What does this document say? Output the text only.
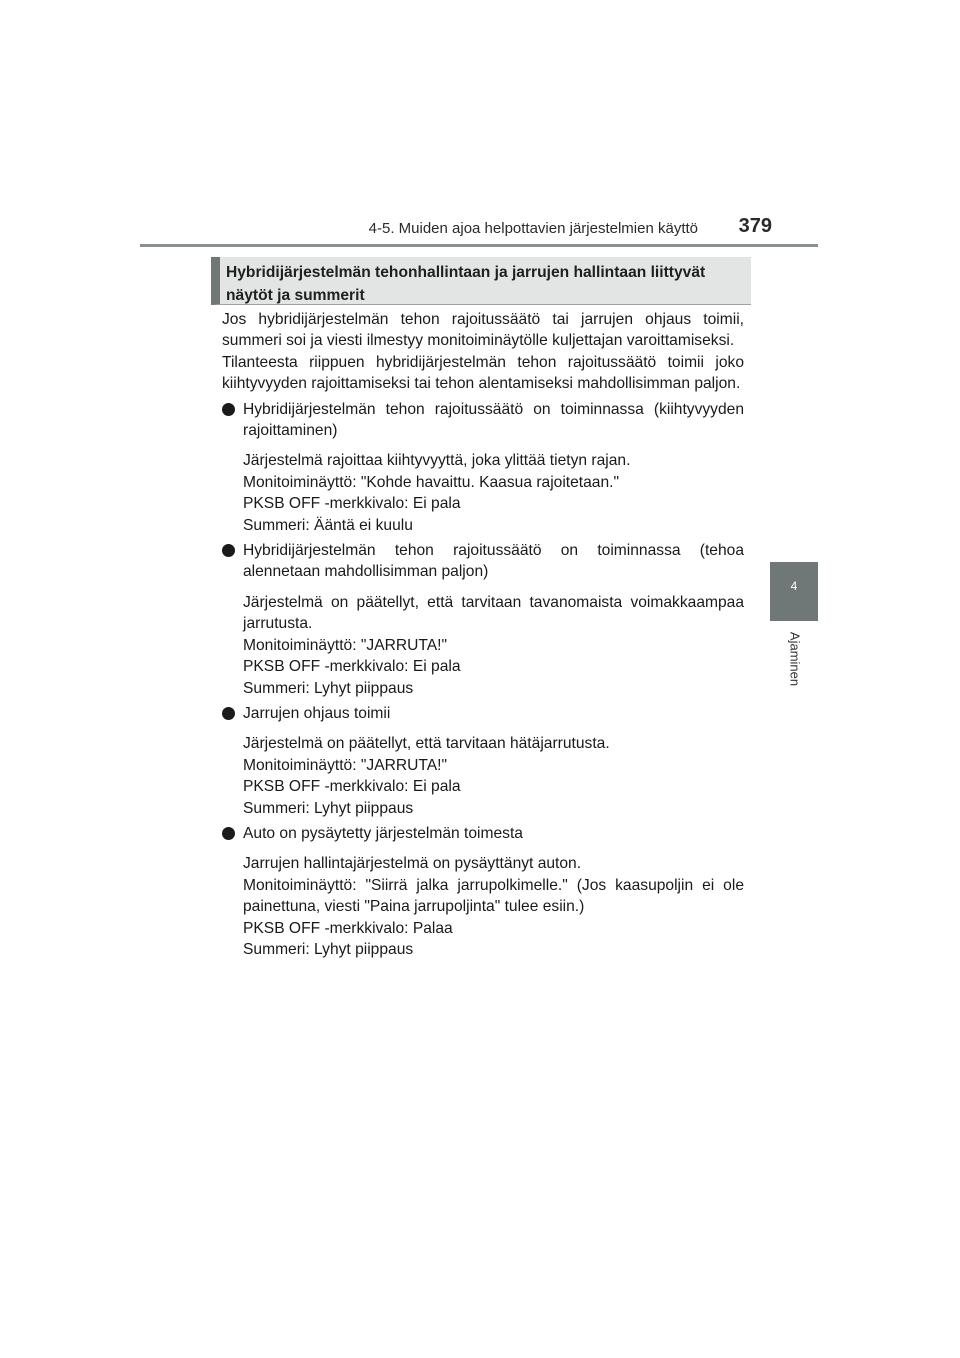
4-5. Muiden ajoa helpottavien järjestelmien käyttö 379
4
Ajaminen
Hybridijärjestelmän tehonhallintaan ja jarrujen hallintaan liittyvät näytöt ja summerit

Jos hybridijärjestelmän tehon rajoitussäätö tai jarrujen ohjaus toimii, summeri soi ja viesti ilmestyy monitoiminäytölle kuljettajan varoittamiseksi.

Tilanteesta riippuen hybridijärjestelmän tehon rajoitussäätö toimii joko kiihtyvyyden rajoittamiseksi tai tehon alentamiseksi mahdollisimman paljon.

Hybridijärjestelmän tehon rajoitussäätö on toiminnassa (kiihtyvyyden rajoittaminen)

Järjestelmä rajoittaa kiihtyvyyttä, joka ylittää tietyn rajan.

Monitoiminäyttö: "Kohde havaittu. Kaasua rajoitetaan."

PKSB OFF -merkkivalo: Ei pala

Summeri: Ääntä ei kuulu

Hybridijärjestelmän tehon rajoitussäätö on toiminnassa (tehoa alennetaan mahdollisimman paljon)

Järjestelmä on päätellyt, että tarvitaan tavanomaista voimakkaampaa jarrutusta.

Monitoiminäyttö: "JARRUTA!"

PKSB OFF -merkkivalo: Ei pala

Summeri: Lyhyt piippaus

Jarrujen ohjaus toimii

Järjestelmä on päätellyt, että tarvitaan hätäjarrutusta.

Monitoiminäyttö: "JARRUTA!"

PKSB OFF -merkkivalo: Ei pala

Summeri: Lyhyt piippaus

Auto on pysäytetty järjestelmän toimesta

Jarrujen hallintajärjestelmä on pysäyttänyt auton.

Monitoiminäyttö: "Siirrä jalka jarrupolkimelle." (Jos kaasupoljin ei ole painettuna, viesti "Paina jarrupoljinta" tulee esiin.)

PKSB OFF -merkkivalo: Palaa

Summeri: Lyhyt piippaus
